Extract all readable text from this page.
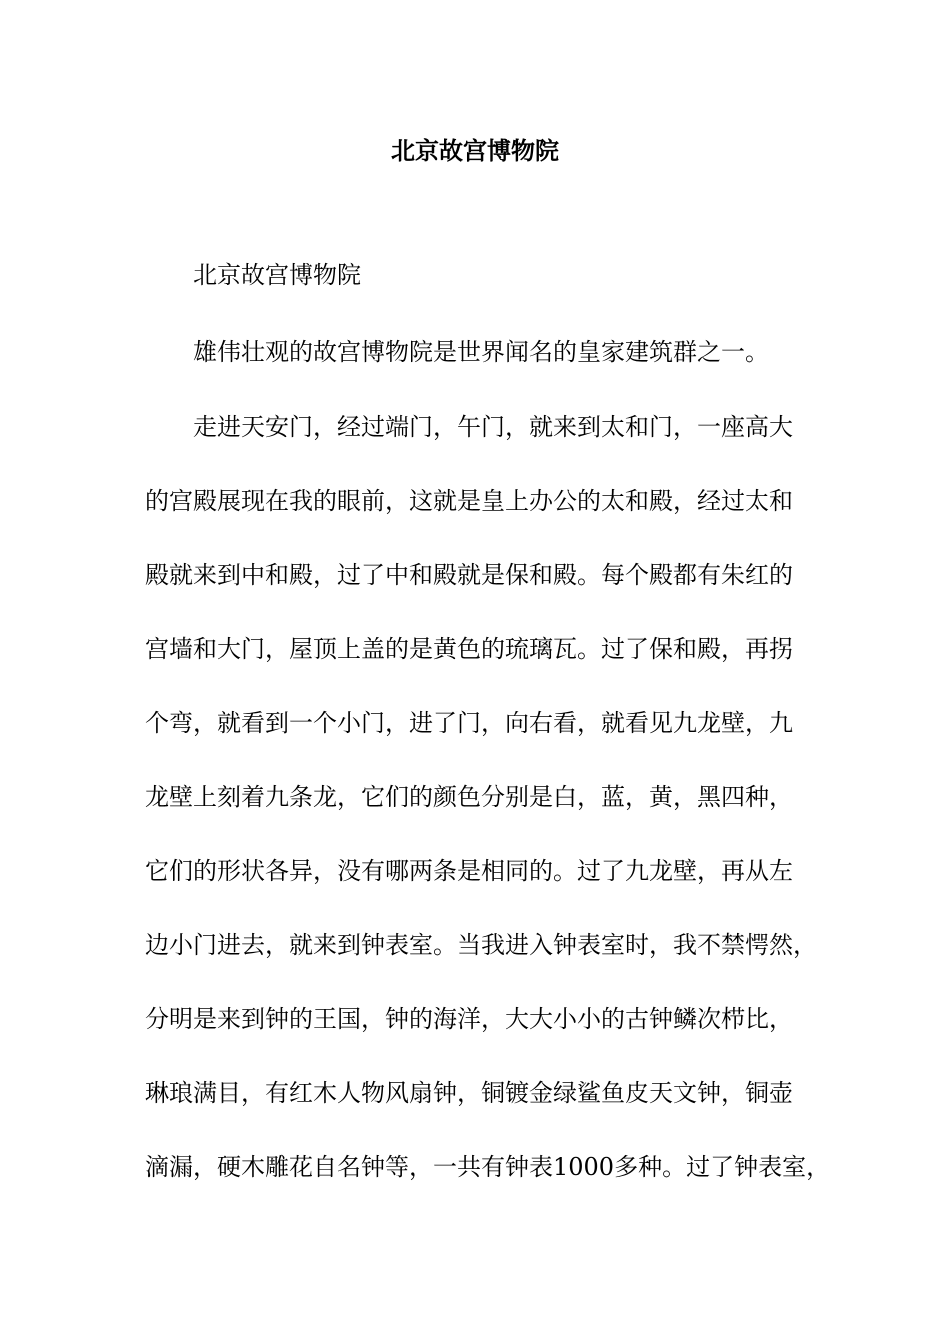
北京故宫博物院
北京故宫博物院
雄伟壮观的故宫博物院是世界闻名的皇家建筑群之一。
走进天安门，经过端门，午门，就来到太和门，一座高大
的宫殿展现在我的眼前，这就是皇上办公的太和殿，经过太和
殿就来到中和殿，过了中和殿就是保和殿。每个殿都有朱红的
宫墙和大门，屋顶上盖的是黄色的琉璃瓦。过了保和殿，再拐
个弯，就看到一个小门，进了门，向右看，就看见九龙壁，九
龙壁上刻着九条龙，它们的颜色分别是白，蓝，黄，黑四种，
它们的形状各异，没有哪两条是相同的。过了九龙壁，再从左
边小门进去，就来到钟表室。当我进入钟表室时，我不禁愕然，
分明是来到钟的王国，钟的海洋，大大小小的古钟鳞次栉比，
琳琅满目，有红木人物风扇钟，铜镀金绿鲨鱼皮天文钟，铜壶
滴漏，硬木雕花自名钟等，一共有钟表1000多种。过了钟表室，
